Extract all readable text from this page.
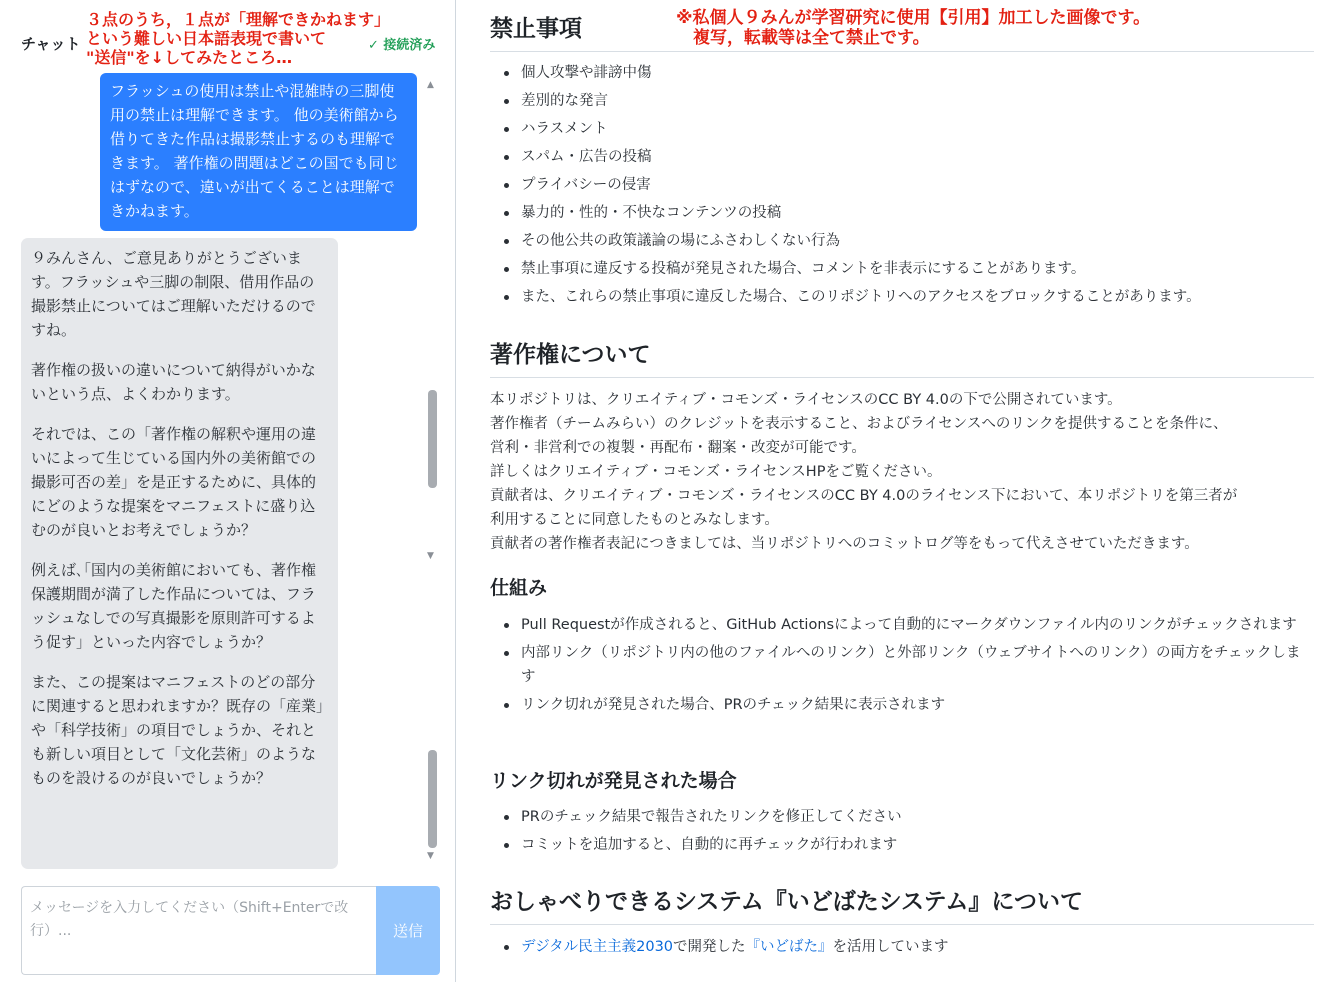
チャット	✓ 接続済み
３点のうち，１点が「理解できかねます」
という難しい日本語表現で書いて
"送信"を↓してみたところ…
フラッシュの使用は禁止や混雑時の三脚使用の禁止は理解できます。 他の美術館から借りてきた作品は撮影禁止するのも理解できます。 著作権の問題はどこの国でも同じはずなので、違いが出てくることは理解できかねます。

９みんさん、ご意見ありがとうございます。フラッシュや三脚の制限、借用作品の撮影禁止についてはご理解いただけるのですね。

著作権の扱いの違いについて納得がいかないという点、よくわかります。

それでは、この「著作権の解釈や運用の違いによって生じている国内外の美術館での撮影可否の差」を是正するために、具体的にどのような提案をマニフェストに盛り込むのが良いとお考えでしょうか？

例えば､｢国内の美術館においても、著作権保護期間が満了した作品については、フラッシュなしでの写真撮影を原則許可するよう促す」といった内容でしょうか？

また、この提案はマニフェストのどの部分に関連すると思われますか？既存の「産業」や「科学技術」の項目でしょうか、それとも新しい項目として「文化芸術」のようなものを設けるのが良いでしょうか？

▲
▼
▼
メッセージを入力してください（Shift+Enterで改行）...
送信
※私個人９みんが学習研究に使用【引用】加工した画像です。
　複写，転載等は全て禁止です。
禁止事項
個人攻撃や誹謗中傷
差別的な発言
ハラスメント
スパム・広告の投稿
プライバシーの侵害
暴力的・性的・不快なコンテンツの投稿
その他公共の政策議論の場にふさわしくない行為
禁止事項に違反する投稿が発見された場合、コメントを非表示にすることがあります。
また、これらの禁止事項に違反した場合、このリポジトリへのアクセスをブロックすることがあります。
著作権について
本リポジトリは、クリエイティブ・コモンズ・ライセンスのCC BY 4.0の下で公開されています。
著作権者（チームみらい）のクレジットを表示すること、およびライセンスへのリンクを提供することを条件に、
営利・非営利での複製・再配布・翻案・改変が可能です。
詳しくはクリエイティブ・コモンズ・ライセンスHPをご覧ください。
貢献者は、クリエイティブ・コモンズ・ライセンスのCC BY 4.0のライセンス下において、本リポジトリを第三者が
利用することに同意したものとみなします。
貢献者の著作権者表記につきましては、当リポジトリへのコミットログ等をもって代えさせていただきます。
仕組み
Pull Requestが作成されると、GitHub Actionsによって自動的にマークダウンファイル内のリンクがチェックされます
内部リンク（リポジトリ内の他のファイルへのリンク）と外部リンク（ウェブサイトへのリンク）の両方をチェックします
リンク切れが発見された場合、PRのチェック結果に表示されます
リンク切れが発見された場合
PRのチェック結果で報告されたリンクを修正してください
コミットを追加すると、自動的に再チェックが行われます
おしゃべりできるシステム『いどばたシステム』について
デジタル民主主義2030で開発した『いどばた』を活用しています
